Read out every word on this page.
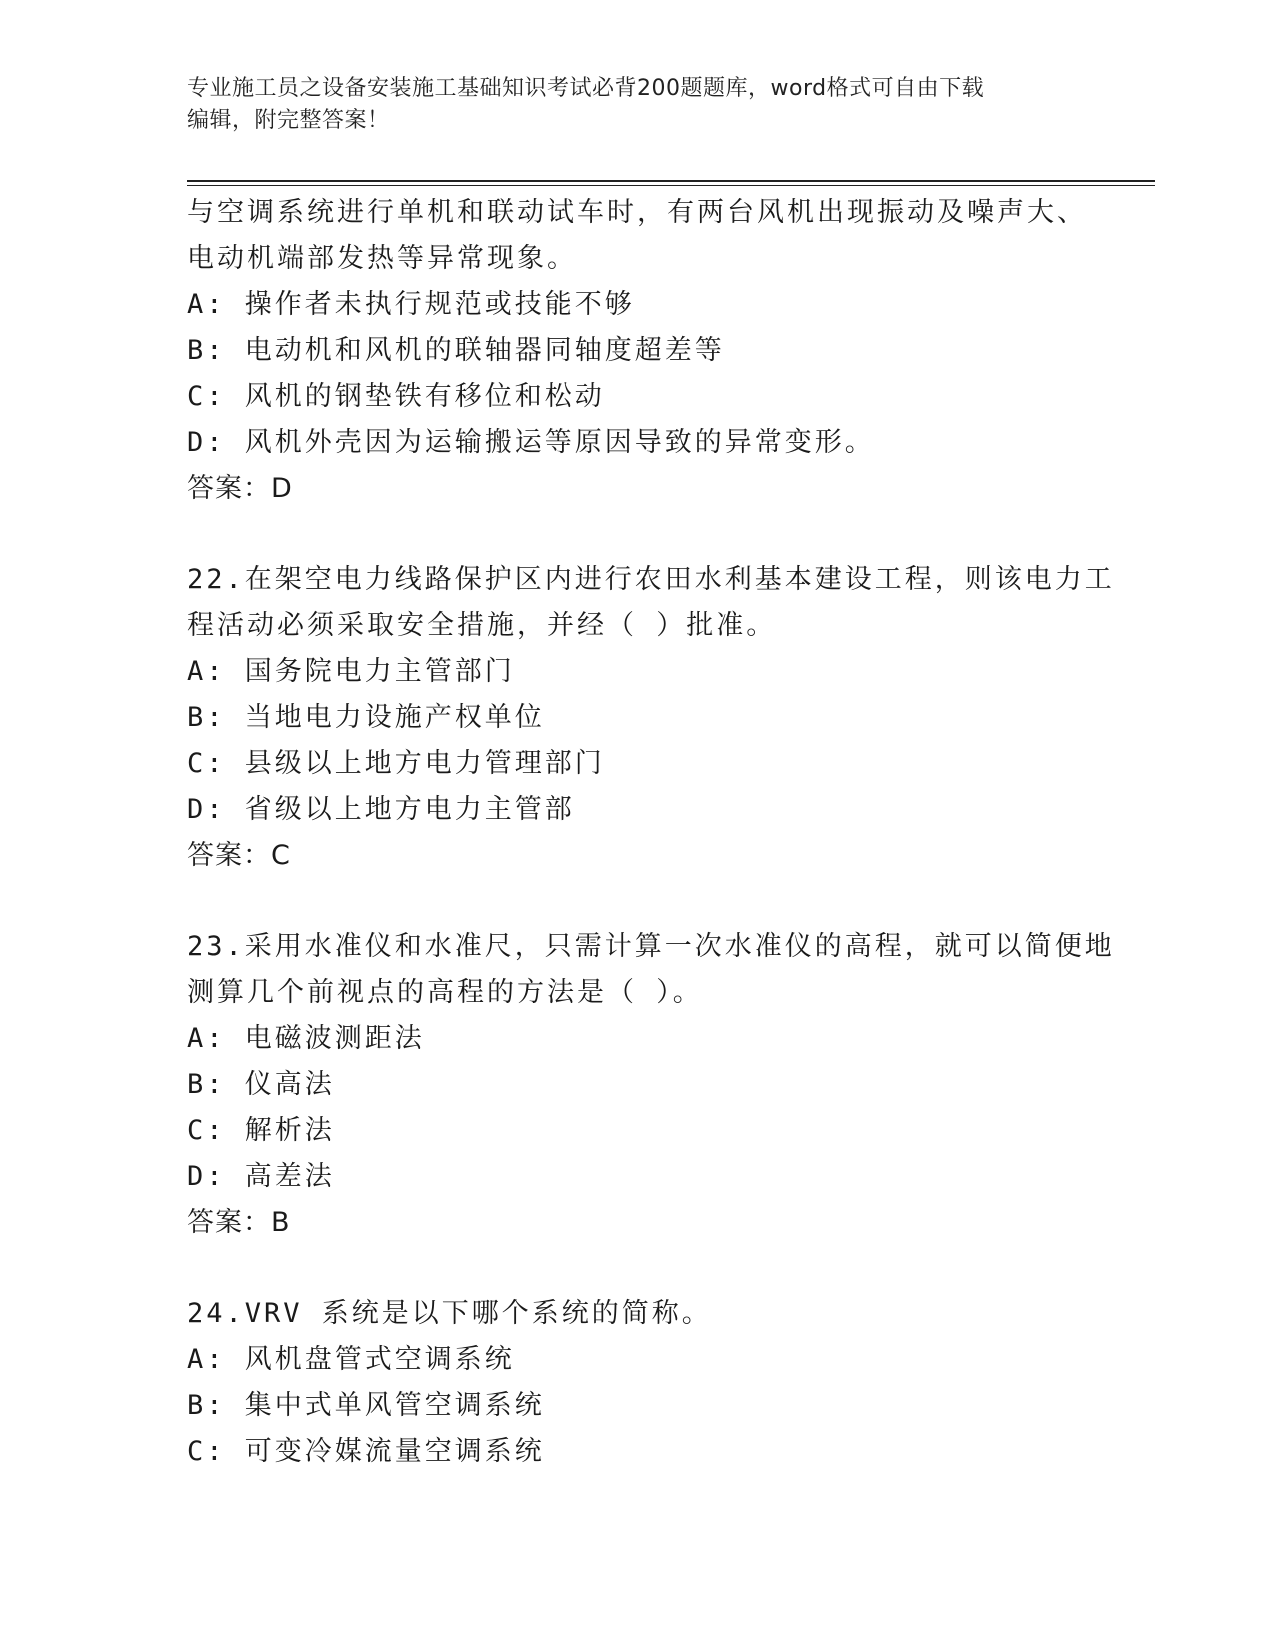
专业施工员之设备安装施工基础知识考试必背200题题库，word格式可自由下载
编辑，附完整答案！
与空调系统进行单机和联动试车时，有两台风机出现振动及噪声大、
电动机端部发热等异常现象。
A: 操作者未执行规范或技能不够
B: 电动机和风机的联轴器同轴度超差等
C: 风机的钢垫铁有移位和松动
D: 风机外壳因为运输搬运等原因导致的异常变形。
答案：D
22.在架空电力线路保护区内进行农田水利基本建设工程，则该电力工
程活动必须采取安全措施，并经（ ）批准。
A: 国务院电力主管部门
B: 当地电力设施产权单位
C: 县级以上地方电力管理部门
D: 省级以上地方电力主管部
答案：C
23.采用水准仪和水准尺，只需计算一次水准仪的高程，就可以简便地
测算几个前视点的高程的方法是（ ）。
A: 电磁波测距法
B: 仪高法
C: 解析法
D: 高差法
答案：B
24.VRV 系统是以下哪个系统的简称。
A: 风机盘管式空调系统
B: 集中式单风管空调系统
C: 可变冷媒流量空调系统
